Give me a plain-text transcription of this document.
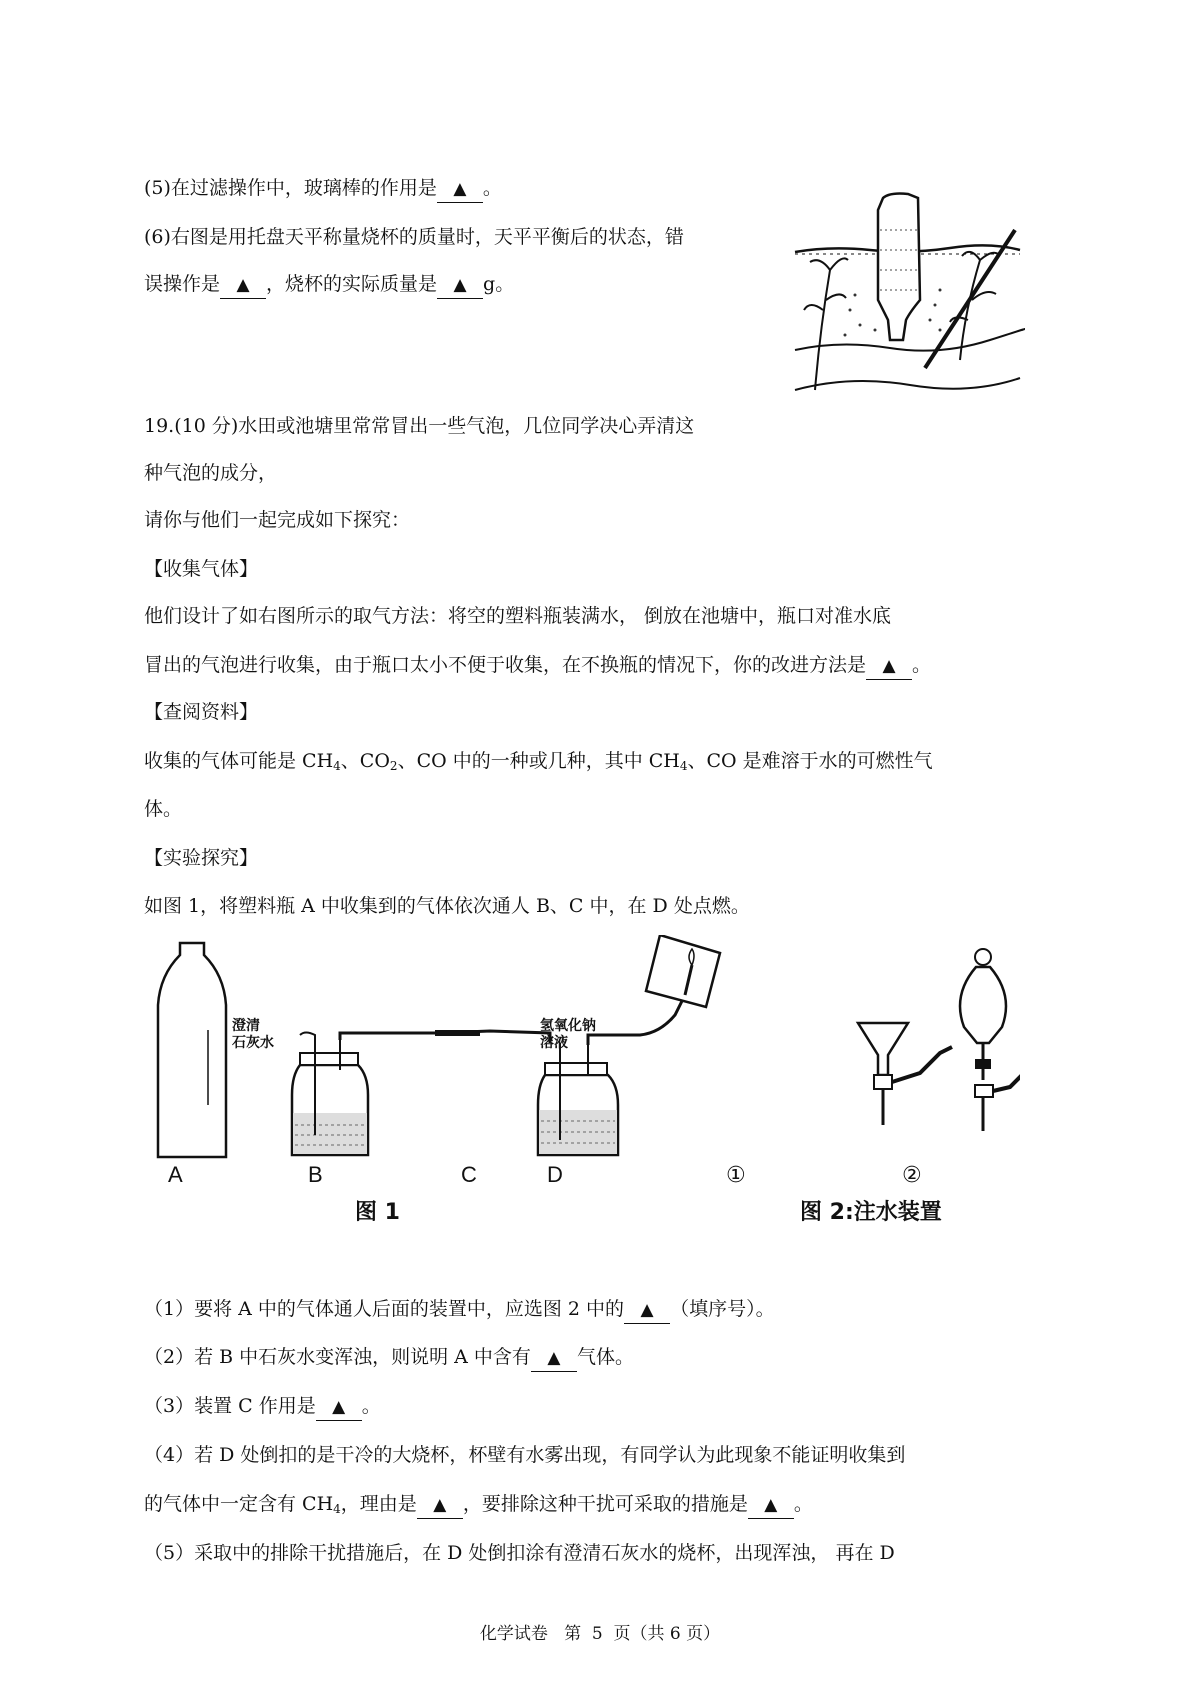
(5)在过滤操作中，玻璃棒的作用是 ▲ 。
(6)右图是用托盘天平称量烧杯的质量时，天平平衡后的状态，错
误操作是 ▲ ，烧杯的实际质量是 ▲ g。
19.(10 分)水田或池塘里常常冒出一些气泡，几位同学决心弄清这
种气泡的成分，
请你与他们一起完成如下探究：
【收集气体】
他们设计了如右图所示的取气方法：将空的塑料瓶装满水， 倒放在池塘中，瓶口对准水底
冒出的气泡进行收集，由于瓶口太小不便于收集，在不换瓶的情况下，你的改进方法是 ▲ 。
【查阅资料】
收集的气体可能是 $CH_4$、$CO_2$、CO 中的一种或几种，其中 $CH_4$、CO 是难溶于水的可燃性气
体。
【实验探究】
如图 1，将塑料瓶 A 中收集到的气体依次通人 B、C 中，在 D 处点燃。
澄清
石灰水
氢氧化钠
溶液
A	B	C	D	①	②
图 1	图 2:注水装置
（1）要将 A 中的气体通人后面的装置中，应选图 2 中的 ▲ （填序号）。
（2）若 B 中石灰水变浑浊，则说明 A 中含有 ▲ 气体。
（3）装置 C 作用是 ▲ 。
（4）若 D 处倒扣的是干冷的大烧杯，杯壁有水雾出现，有同学认为此现象不能证明收集到
的气体中一定含有 $CH_4$，理由是 ▲ ，要排除这种干扰可采取的措施是 ▲ 。
（5）采取中的排除干扰措施后，在 D 处倒扣涂有澄清石灰水的烧杯，出现浑浊， 再在 D
化学试卷   第  5  页（共 6 页）
